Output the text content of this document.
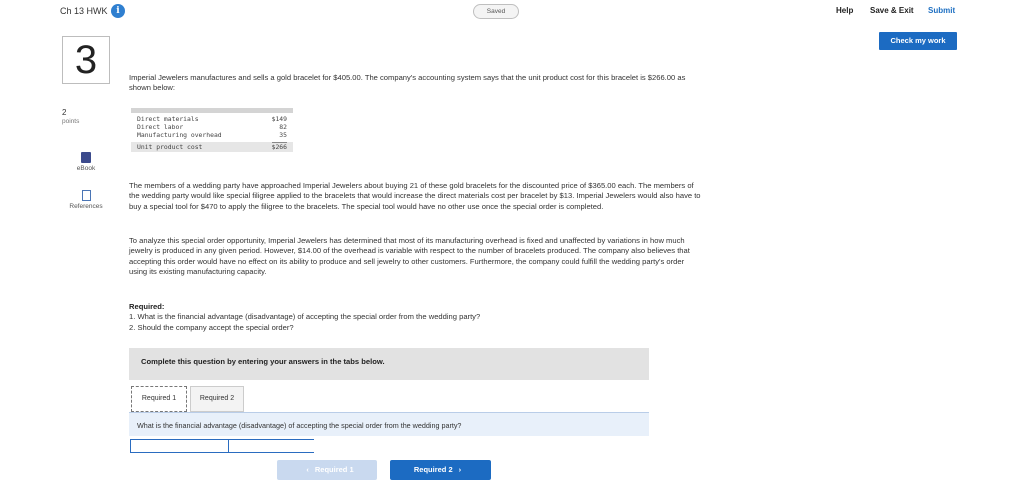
Ch 13 HWK i	Saved	Help Save & Exit Submit
Check my work
3
2
points
eBook
References
Imperial Jewelers manufactures and sells a gold bracelet for $405.00. The company's accounting system says that the unit product cost for this bracelet is $266.00 as shown below:
Direct materials	$149
Direct labor	82
Manufacturing overhead	35
Unit product cost	$266
The members of a wedding party have approached Imperial Jewelers about buying 21 of these gold bracelets for the discounted price of $365.00 each. The members of the wedding party would like special filigree applied to the bracelets that would increase the direct materials cost per bracelet by $13. Imperial Jewelers would also have to buy a special tool for $470 to apply the filigree to the bracelets. The special tool would have no other use once the special order is completed.
To analyze this special order opportunity, Imperial Jewelers has determined that most of its manufacturing overhead is fixed and unaffected by variations in how much jewelry is produced in any given period. However, $14.00 of the overhead is variable with respect to the number of bracelets produced. The company also believes that accepting this order would have no effect on its ability to produce and sell jewelry to other customers. Furthermore, the company could fulfill the wedding party's order using its existing manufacturing capacity.
Required:
1. What is the financial advantage (disadvantage) of accepting the special order from the wedding party?
2. Should the company accept the special order?
Complete this question by entering your answers in the tabs below.
Required 1	Required 2
What is the financial advantage (disadvantage) of accepting the special order from the wedding party?
‹ Required 1	Required 2 ›
